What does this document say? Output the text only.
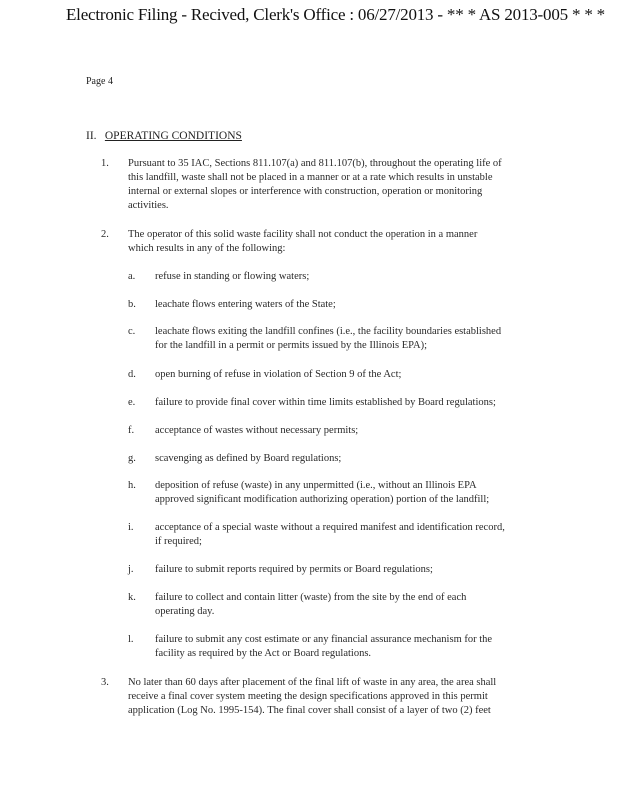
Electronic Filing - Recived, Clerk's Office : 06/27/2013 - ** * AS 2013-005 * * *
Page 4
II. OPERATING CONDITIONS
1. Pursuant to 35 IAC, Sections 811.107(a) and 811.107(b), throughout the operating life of
this landfill, waste shall not be placed in a manner or at a rate which results in unstable
internal or external slopes or interference with construction, operation or monitoring
activities.
2. The operator of this solid waste facility shall not conduct the operation in a manner
which results in any of the following:
a. refuse in standing or flowing waters;
b. leachate flows entering waters of the State;
c. leachate flows exiting the landfill confines (i.e., the facility boundaries established
for the landfill in a permit or permits issued by the Illinois EPA);
d. open burning of refuse in violation of Section 9 of the Act;
e. failure to provide final cover within time limits established by Board regulations;
f. acceptance of wastes without necessary permits;
g. scavenging as defined by Board regulations;
h. deposition of refuse (waste) in any unpermitted (i.e., without an Illinois EPA
approved significant modification authorizing operation) portion of the landfill;
i. acceptance of a special waste without a required manifest and identification record,
if required;
j. failure to submit reports required by permits or Board regulations;
k. failure to collect and contain litter (waste) from the site by the end of each
operating day.
l. failure to submit any cost estimate or any financial assurance mechanism for the
facility as required by the Act or Board regulations.
3. No later than 60 days after placement of the final lift of waste in any area, the area shall
receive a final cover system meeting the design specifications approved in this permit
application (Log No. 1995-154). The final cover shall consist of a layer of two (2) feet
